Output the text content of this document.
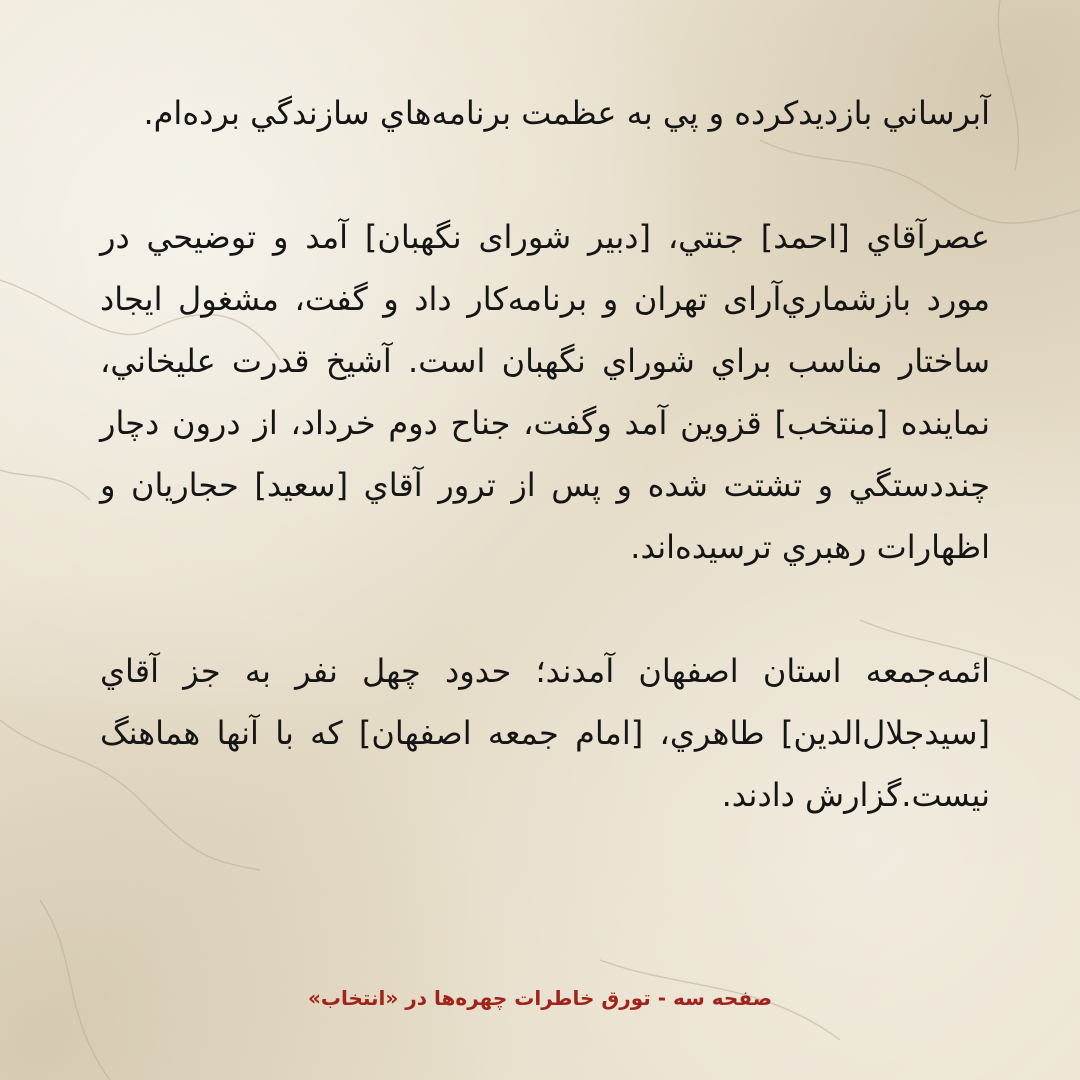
آبرساني بازديدكرده و پي به عظمت برنامه‌هاي سازندگي برده‌ام.

عصرآقاي [احمد] جنتي، [دبير شوراى نگهبان] آمد و توضيحي در مورد بازشماري‌آراى تهران و برنامه‌كار داد و گفت، مشغول ايجاد ساختار مناسب براي شوراي نگهبان است. آشيخ قدرت عليخاني، نماينده [منتخب] قزوين آمد وگفت، جناح دوم خرداد، از درون دچار چنددستگي و تشتت شده و پس از ترور آقاي [سعيد] حجاريان و اظهارات رهبري ترسيده‌اند.

ائمه‌جمعه استان اصفهان آمدند؛ حدود چهل نفر به جز آقاي [سيدجلال‌الدين] طاهري، [امام جمعه اصفهان] كه با آنها هماهنگ نيست.گزارش دادند.

صفحه سه - تورق خاطرات چهره‌ها در «انتخاب»
